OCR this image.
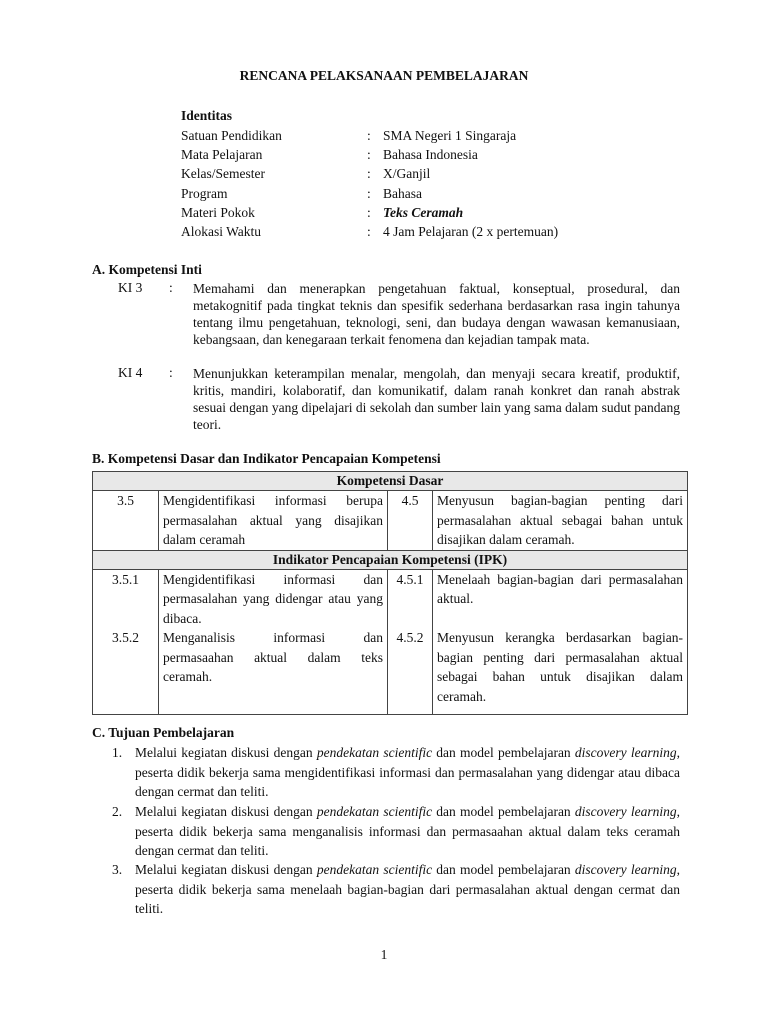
RENCANA PELAKSANAAN PEMBELAJARAN
Identitas
Satuan Pendidikan	: SMA Negeri 1 Singaraja
Mata Pelajaran	: Bahasa Indonesia
Kelas/Semester	: X/Ganjil
Program	: Bahasa
Materi Pokok	: Teks Ceramah
Alokasi Waktu	: 4 Jam Pelajaran (2 x pertemuan)
A. Kompetensi Inti
KI 3 : Memahami dan menerapkan pengetahuan faktual, konseptual, prosedural, dan metakognitif pada tingkat teknis dan spesifik sederhana berdasarkan rasa ingin tahunya tentang ilmu pengetahuan, teknologi, seni, dan budaya dengan wawasan kemanusiaan, kebangsaan, dan kenegaraan terkait fenomena dan kejadian tampak mata.
KI 4 : Menunjukkan keterampilan menalar, mengolah, dan menyaji secara kreatif, produktif, kritis, mandiri, kolaboratif, dan komunikatif, dalam ranah konkret dan ranah abstrak sesuai dengan yang dipelajari di sekolah dan sumber lain yang sama dalam sudut pandang teori.
B. Kompetensi Dasar dan Indikator Pencapaian Kompetensi
Kompetensi Dasar			
3.5	Mengidentifikasi informasi berupa permasalahan aktual yang disajikan dalam ceramah	4.5	Menyusun bagian-bagian penting dari permasalahan aktual sebagai bahan untuk disajikan dalam ceramah.
Indikator Pencapaian Kompetensi (IPK)			
3.5.1	Mengidentifikasi informasi dan permasalahan yang didengar atau yang dibaca.	4.5.1	Menelaah bagian-bagian dari permasalahan aktual.
3.5.2	Menganalisis informasi dan permasaahan aktual dalam teks ceramah.	4.5.2	Menyusun kerangka berdasarkan bagian-bagian penting dari permasalahan aktual sebagai bahan untuk disajikan dalam ceramah.
C. Tujuan Pembelajaran
1. Melalui kegiatan diskusi dengan pendekatan scientific dan model pembelajaran discovery learning, peserta didik bekerja sama mengidentifikasi informasi dan permasalahan yang didengar atau dibaca dengan cermat dan teliti.
2. Melalui kegiatan diskusi dengan pendekatan scientific dan model pembelajaran discovery learning, peserta didik bekerja sama menganalisis informasi dan permasaahan aktual dalam teks ceramah dengan cermat dan teliti.
3. Melalui kegiatan diskusi dengan pendekatan scientific dan model pembelajaran discovery learning, peserta didik bekerja sama menelaah bagian-bagian dari permasalahan aktual dengan cermat dan teliti.
1
